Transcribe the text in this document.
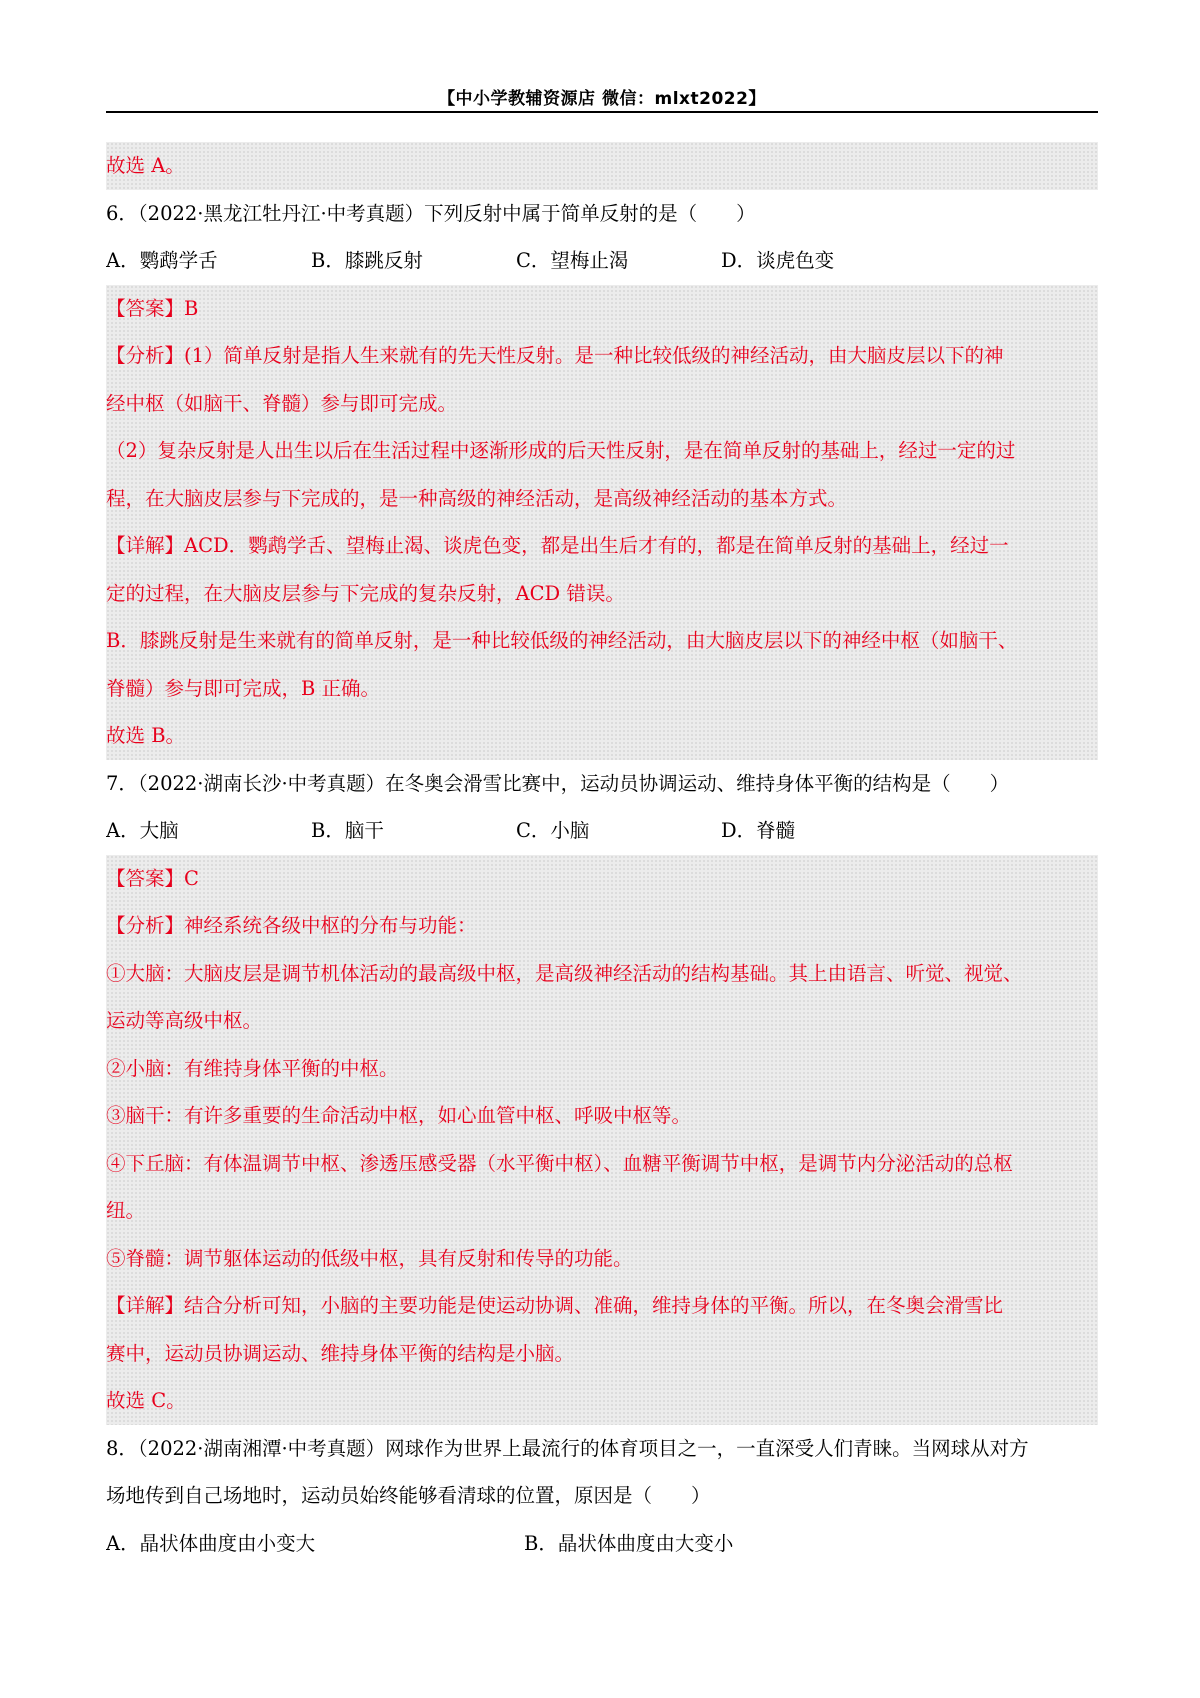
【中小学教辅资源店 微信：mlxt2022】
故选 A。
6．（2022·黑龙江牡丹江·中考真题）下列反射中属于简单反射的是（　　）
A．鹦鹉学舌	B．膝跳反射	C．望梅止渴	D．谈虎色变
【答案】B
【分析】(1）简单反射是指人生来就有的先天性反射。是一种比较低级的神经活动，由大脑皮层以下的神
经中枢（如脑干、脊髓）参与即可完成。
（2）复杂反射是人出生以后在生活过程中逐渐形成的后天性反射，是在简单反射的基础上，经过一定的过
程，在大脑皮层参与下完成的，是一种高级的神经活动，是高级神经活动的基本方式。
【详解】ACD．鹦鹉学舌、望梅止渴、谈虎色变，都是出生后才有的，都是在简单反射的基础上，经过一
定的过程，在大脑皮层参与下完成的复杂反射，ACD 错误。
B．膝跳反射是生来就有的简单反射，是一种比较低级的神经活动，由大脑皮层以下的神经中枢（如脑干、
脊髓）参与即可完成，B 正确。
故选 B。
7．（2022·湖南长沙·中考真题）在冬奥会滑雪比赛中，运动员协调运动、维持身体平衡的结构是（　　）
A．大脑	B．脑干	C．小脑	D．脊髓
【答案】C
【分析】神经系统各级中枢的分布与功能：
①大脑：大脑皮层是调节机体活动的最高级中枢，是高级神经活动的结构基础。其上由语言、听觉、视觉、
运动等高级中枢。
②小脑：有维持身体平衡的中枢。
③脑干：有许多重要的生命活动中枢，如心血管中枢、呼吸中枢等。
④下丘脑：有体温调节中枢、渗透压感受器（水平衡中枢）、血糖平衡调节中枢，是调节内分泌活动的总枢
纽。
⑤脊髓：调节躯体运动的低级中枢，具有反射和传导的功能。
【详解】结合分析可知，小脑的主要功能是使运动协调、准确，维持身体的平衡。所以，在冬奥会滑雪比
赛中，运动员协调运动、维持身体平衡的结构是小脑。
故选 C。
8．（2022·湖南湘潭·中考真题）网球作为世界上最流行的体育项目之一，一直深受人们青睐。当网球从对方
场地传到自己场地时，运动员始终能够看清球的位置，原因是（　　）
A．晶状体曲度由小变大	B．晶状体曲度由大变小
